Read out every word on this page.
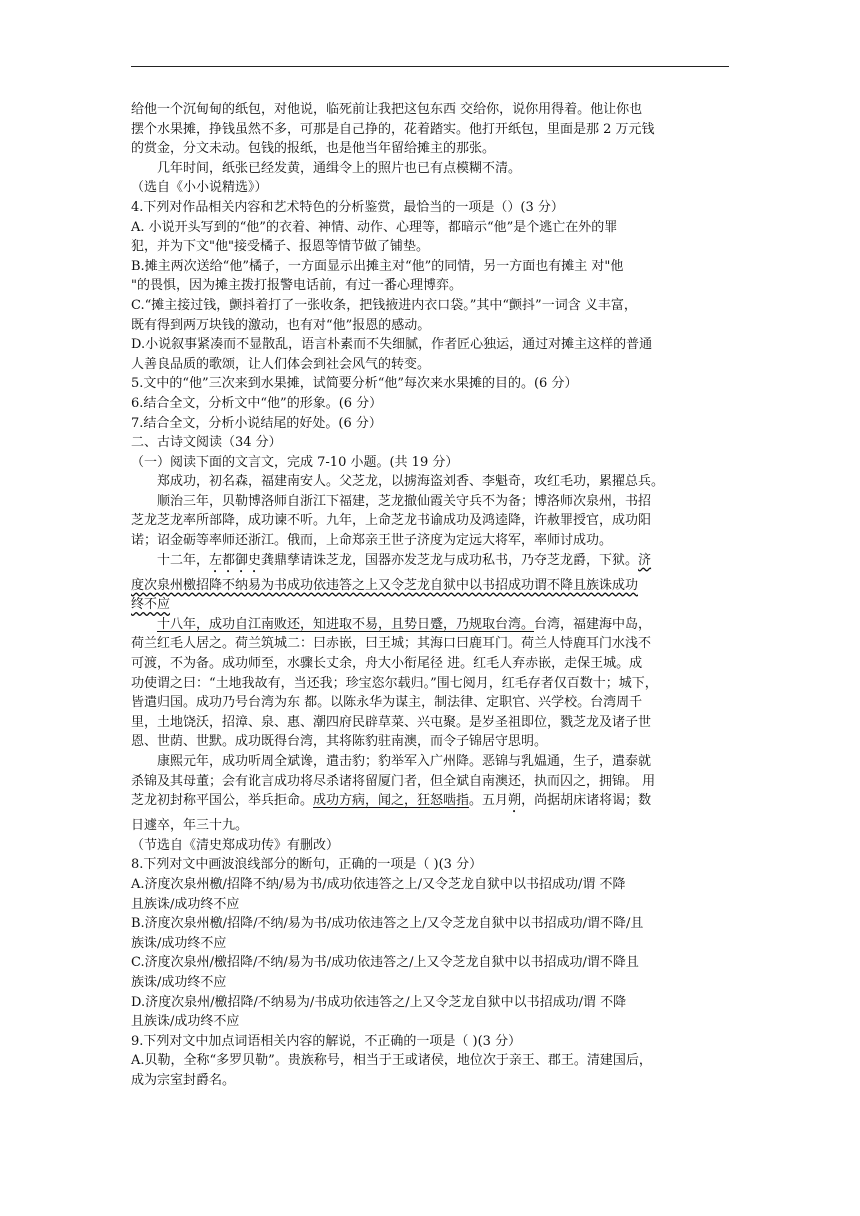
给他一个沉甸甸的纸包，对他说，临死前让我把这包东西 交给你，说你用得着。他让你也

摆个水果摊，挣钱虽然不多，可那是自己挣的，花着踏实。他打开纸包，里面是那 2 万元钱

的赏金，分文未动。包钱的报纸，也是他当年留给摊主的那张。

几年时间，纸张已经发黄，通缉令上的照片也已有点模糊不清。

（选自《小小说精选》）

4.下列对作品相关内容和艺术特色的分析鉴赏，最恰当的一项是（）(3 分）

A. 小说开头写到的“他”的衣着、神情、动作、心理等，都暗示“他”是个逃亡在外的罪

犯，并为下文"他"接受橘子、报恩等情节做了铺垫。

B.摊主两次送给“他”橘子，一方面显示出摊主对“他”的同情，另一方面也有摊主 对"他

"的畏惧，因为摊主拨打报警电话前，有过一番心理博弈。

C.“摊主接过钱，颤抖着打了一张收条，把钱掖进内衣口袋。”其中“颤抖”一词含 义丰富，

既有得到两万块钱的激动，也有对“他”报恩的感动。

D.小说叙事紧凑而不显散乱，语言朴素而不失细腻，作者匠心独运，通过对摊主这样的普通

人善良品质的歌颂，让人们体会到社会风气的转变。

5.文中的“他”三次来到水果摊，试简要分析“他”每次来水果摊的目的。(6 分）

6.结合全文，分析文中“他”的形象。(6 分）

7.结合全文，分析小说结尾的好处。(6 分）

二、古诗文阅读（34 分）

（一）阅读下面的文言文，完成 7-10 小题。(共 19 分）

郑成功，初名森，福建南安人。父芝龙，以掳海盗刘香、李魁奇，攻红毛功，累擢总兵。

顺治三年，贝勒博洛师自浙江下福建，芝龙撤仙霞关守兵不为备；博洛师次泉州，书招

芝龙芝龙率所部降，成功谏不听。九年，上命芝龙书谕成功及鸿逵降，许赦罪授官，成功阳

诺；诏金砺等率师还浙江。俄而，上命郑亲王世子济度为定远大将军，率师讨成功。

十二年，左都御史龚鼎孳请诛芝龙，国器亦发芝龙与成功私书，乃夺芝龙爵，下狱。济

度次泉州檄招降不纳易为书成功依违答之上又令芝龙自狱中以书招成功谓不降且族诛成功

终不应

十八年，成功自江南败还，知进取不易，且势日蹙，乃规取台湾。台湾，福建海中岛，

荷兰红毛人居之。荷兰筑城二：曰赤嵌，曰王城；其海口曰鹿耳门。荷兰人恃鹿耳门水浅不

可渡，不为备。成功师至，水骤长丈余，舟大小衔尾径 进。红毛人弃赤嵌，走保王城。成

功使谓之曰：“土地我故有，当还我；珍宝恣尔载归。”围七阅月，红毛存者仅百数十；城下，

皆遣归国。成功乃号台湾为东 都。以陈永华为谋主，制法律、定职官、兴学校。台湾周千

里，土地饶沃，招漳、泉、惠、潮四府民辟草菜、兴屯聚。是岁圣祖即位，戮芝龙及诸子世

恩、世荫、世默。成功既得台湾，其将陈豹驻南澳，而令子锦居守思明。

康熙元年，成功听周全斌谗，遣击豹；豹举军入广州降。恶锦与乳媪通，生子，遣泰就

杀锦及其母董；会有讹言成功将尽杀诸将留厦门者，但全斌自南澳还，执而囚之，拥锦。 用

芝龙初封称平国公，举兵拒命。成功方病，闻之，狂怒啮指。五月朔，尚据胡床诸将谒；数

日遽卒，年三十九。

（节选自《清史郑成功传》有删改）

8.下列对文中画波浪线部分的断句，正确的一项是（ )(3 分）

A.济度次泉州檄/招降不纳/易为书/成功依违答之上/又令芝龙自狱中以书招成功/谓 不降

且族诛/成功终不应

B.济度次泉州檄/招降/不纳/易为书/成功依违答之上/又令芝龙自狱中以书招成功/谓不降/且

族诛/成功终不应

C.济度次泉州/檄招降/不纳/易为书/成功依违答之/上又令芝龙自狱中以书招成功/谓不降且

族诛/成功终不应

D.济度次泉州/檄招降/不纳易为/书成功依违答之/上又令芝龙自狱中以书招成功/谓 不降

且族诛/成功终不应

9.下列对文中加点词语相关内容的解说，不正确的一项是（ )(3 分）

A.贝勒，全称“多罗贝勒”。贵族称号，相当于王或诸侯，地位次于亲王、郡王。清建国后，

成为宗室封爵名。
